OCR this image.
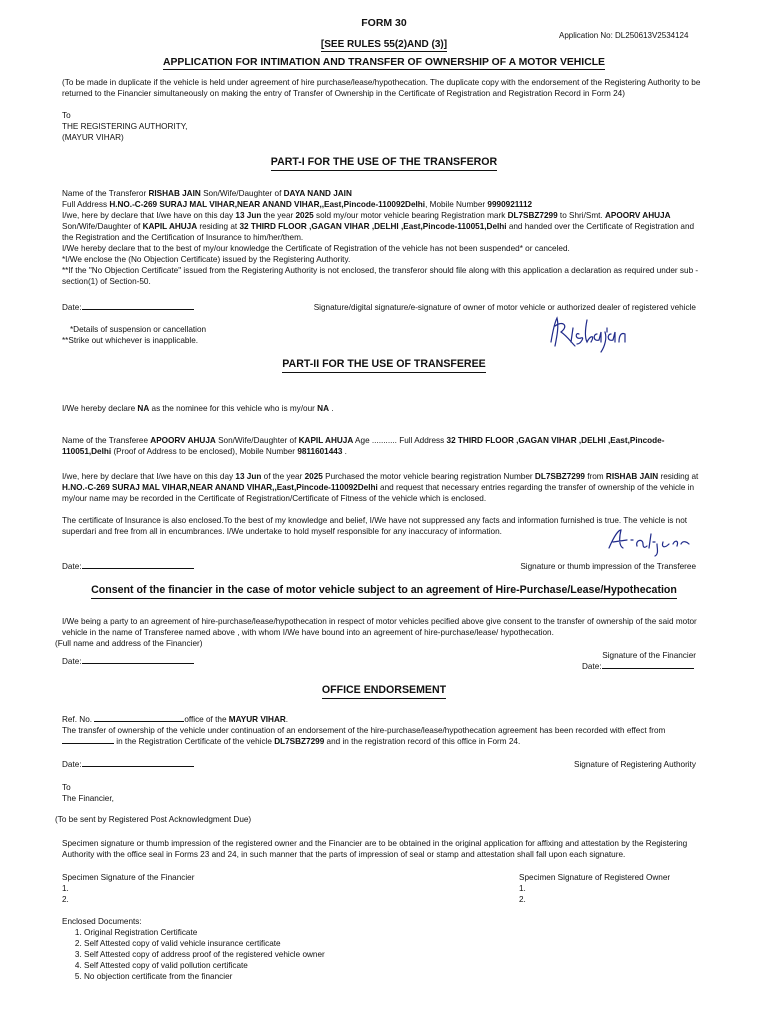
FORM 30
Application No: DL250613V2534124
[SEE RULES 55(2)AND (3)]
APPLICATION FOR INTIMATION AND TRANSFER OF OWNERSHIP OF A MOTOR VEHICLE
(To be made in duplicate if the vehicle is held under agreement of hire purchase/lease/hypothecation. The duplicate copy with the endorsement of the Registering Authority to be returned to the Financier simultaneously on making the entry of Transfer of Ownership in the Certificate of Registration and Registration Record in Form 24)
To
THE REGISTERING AUTHORITY,
(MAYUR VIHAR)
PART-I FOR THE USE OF THE TRANSFEROR
Name of the Transferor RISHAB JAIN Son/Wife/Daughter of DAYA NAND JAIN
Full Address H.NO.-C-269 SURAJ MAL VIHAR,NEAR ANAND VIHAR,,East,Pincode-110092Delhi, Mobile Number 9990921112
I/we, here by declare that I/we have on this day 13 Jun the year 2025 sold my/our motor vehicle bearing Registration mark DL7SBZ7299 to Shri/Smt. APOORV AHUJA
Son/Wife/Daughter of KAPIL AHUJA residing at 32 THIRD FLOOR ,GAGAN VIHAR ,DELHI ,East,Pincode-110051,Delhi and handed over the Certificate of Registration and
the Registration and the Certification of Insurance to him/her/them.
I/We hereby declare that to the best of my/our knowledge the Certificate of Registration of the vehicle has not been suspended* or canceled.
*I/We enclose the (No Objection Certificate) issued by the Registering Authority.
**If the "No Objection Certificate" issued from the Registering Authority is not enclosed, the transferor should file along with this application a declaration as required under sub - section(1) of Section-50.
Date:	Signature/digital signature/e-signature of owner of motor vehicle or authorized dealer of registered vehicle
*Details of suspension or cancellation
**Strike out whichever is inapplicable.
PART-II FOR THE USE OF TRANSFEREE
I/We hereby declare NA as the nominee for this vehicle who is my/our NA .
Name of the Transferee APOORV AHUJA Son/Wife/Daughter of KAPIL AHUJA Age ........... Full Address 32 THIRD FLOOR ,GAGAN VIHAR ,DELHI ,East,Pincode-
110051,Delhi (Proof of Address to be enclosed), Mobile Number 9811601443 .
I/we, here by declare that I/we have on this day 13 Jun of the year 2025 Purchased the motor vehicle bearing registration Number DL7SBZ7299 from RISHAB JAIN residing at
H.NO.-C-269 SURAJ MAL VIHAR,NEAR ANAND VIHAR,,East,Pincode-110092Delhi and request that necessary entries regarding the transfer of ownership of the vehicle in
my/our name may be recorded in the Certificate of Registration/Certificate of Fitness of the vehicle which is enclosed.
The certificate of Insurance is also enclosed.To the best of my knowledge and belief, I/We have not suppressed any facts and information furnished is true. The vehicle is not superdari and free from all in encumbrances. I/We undertake to hold myself responsible for any inaccuracy of information.
Date:	Signature or thumb impression of the Transferee
Consent of the financier in the case of motor vehicle subject to an agreement of Hire-Purchase/Lease/Hypothecation
I/We being a party to an agreement of hire-purchase/lease/hypothecation in respect of motor vehicles pecified above give consent to the transfer of ownership of the said motor vehicle in the name of Transferee named above , with whom I/We have bound into an agreement of hire-purchase/lease/ hypothecation.
(Full name and address of the Financier)
Date:
Signature of the Financier
Date:
OFFICE ENDORSEMENT
Ref. No.	office of the MAYUR VIHAR.
The transfer of ownership of the vehicle under continuation of an endorsement of the hire-purchase/lease/hypothecation agreement has been recorded with effect from
in the Registration Certificate of the vehicle DL7SBZ7299 and in the registration record of this office in Form 24.
Date:	Signature of Registering Authority
To
The Financier,
(To be sent by Registered Post Acknowledgment Due)
Specimen signature or thumb impression of the registered owner and the Financier are to be obtained in the original application for affixing and attestation by the Registering Authority with the office seal in Forms 23 and 24, in such manner that the parts of impression of seal or stamp and attestation shall fall upon each signature.
Specimen Signature of the Financier
1.
2.
Specimen Signature of Registered Owner
1.
2.
Enclosed Documents:
1. Original Registration Certificate
2. Self Attested copy of valid vehicle insurance certificate
3. Self Attested copy of address proof of the registered vehicle owner
4. Self Attested copy of valid pollution certificate
5. No objection certificate from the financier
